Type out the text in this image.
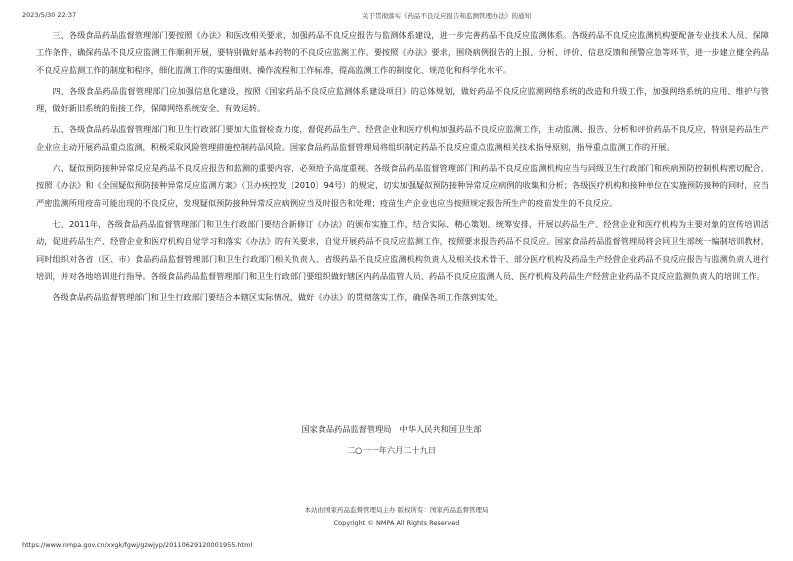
2023/5/30 22:37	关于贯彻落实《药品不良反应报告和监测管理办法》的通知

三、各级食品药品监督管理部门要按照《办法》和医改相关要求，加强药品不良反应报告与监测体系建设，进一步完善药品不良反应监测体系。各级药品不良反应监测机构要配备专业技术人员、保障工作条件，确保药品不良反应监测工作顺利开展，要特别做好基本药物的不良反应监测工作。要按照《办法》要求，围绕病例报告的上报、分析、评价、信息反馈和预警应急等环节，进一步建立健全药品不良反应监测工作的制度和程序，细化监测工作的实施细则、操作流程和工作标准，提高监测工作的制度化、规范化和科学化水平。

四、各级食品药品监督管理部门应加强信息化建设，按照《国家药品不良反应监测体系建设项目》的总体规划，做好药品不良反应监测网络系统的改造和升级工作，加强网络系统的应用、维护与管理，做好新旧系统的衔接工作，保障网络系统安全、有效运转。

五、各级食品药品监督管理部门和卫生行政部门要加大监督检查力度，督促药品生产、经营企业和医疗机构加强药品不良反应监测工作，主动监测、报告、分析和评价药品不良反应，特别是药品生产企业应主动开展药品重点监测，积极采取风险管理措施控制药品风险。国家食品药品监督管理局将组织制定药品不良反应重点监测相关技术指导原则，指导重点监测工作的开展。

六、疑似预防接种异常反应是药品不良反应报告和监测的重要内容，必须给予高度重视。各级食品药品监督管理部门和药品不良反应监测机构应当与同级卫生行政部门和疾病预防控制机构密切配合，按照《办法》和《全国疑似预防接种异常反应监测方案》（卫办疾控发〔2010〕94号）的规定，切实加强疑似预防接种异常反应病例的收集和分析；各级医疗机构和接种单位在实施预防接种的同时，应当严密监测所用疫苗可能出现的不良反应，发现疑似预防接种异常反应病例应当及时报告和处理；疫苗生产企业也应当按照规定报告所生产的疫苗发生的不良反应。

七、2011年，各级食品药品监督管理部门和卫生行政部门要结合新修订《办法》的颁布实施工作，结合实际、精心策划、统筹安排，开展以药品生产、经营企业和医疗机构为主要对象的宣传培训活动，促进药品生产、经营企业和医疗机构自觉学习和落实《办法》的有关要求，自觉开展药品不良反应监测工作，按照要求报告药品不良反应。国家食品药品监督管理局将会同卫生部统一编制培训教材，同时组织对各省（区、市）食品药品监督管理部门和卫生行政部门相关负责人、省级药品不良反应监测机构负责人及相关技术骨干、部分医疗机构及药品生产经营企业药品不良反应报告与监测负责人进行培训，并对各地培训进行指导。各级食品药品监督管理部门和卫生行政部门要组织做好辖区内药品监管人员、药品不良反应监测人员、医疗机构及药品生产经营企业药品不良反应监测负责人的培训工作。

各级食品药品监督管理部门和卫生行政部门要结合本辖区实际情况，做好《办法》的贯彻落实工作，确保各项工作落到实处。

国家食品药品监督管理局　中华人民共和国卫生部
二○一一年六月二十九日
本站由国家药品监督管理局主办 版权所有：国家药品监督管理局
Copyright © NMPA All Rights Reserved
https://www.nmpa.gov.cn/xxgk/fgwj/gzwjyp/20110629120001955.html
